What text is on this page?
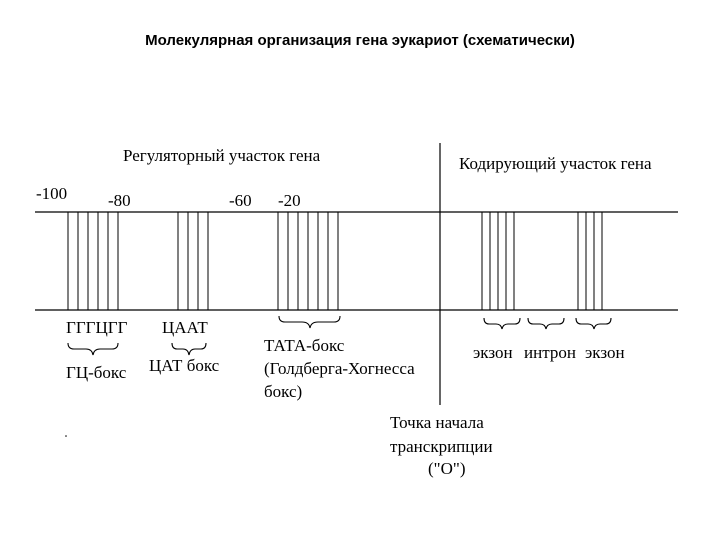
Молекулярная организация гена эукариот (схематически)
Регуляторный участок гена	Кодирующий участок гена
-100 -80	-60 -20
ГГГЦГГ ЦААТ
ГЦ-бокс ЦАТ бокс
ТАТА-бокс
(Голдберга-Хогнесса
бокс)
экзон интрон экзон
Точка начала
транскрипции
("О")
